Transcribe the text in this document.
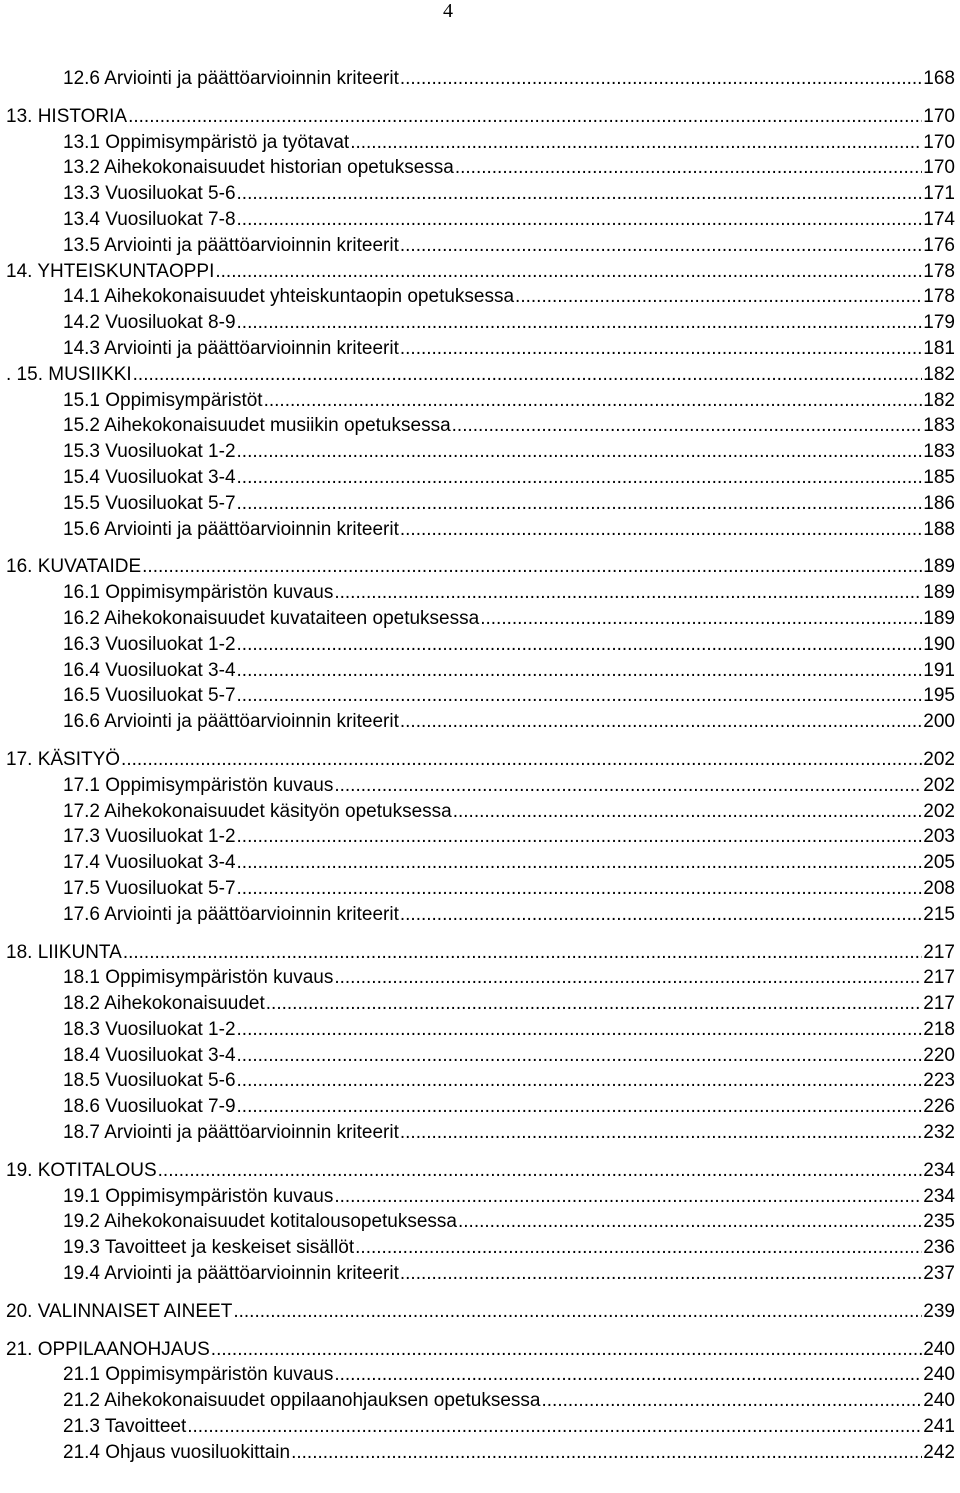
4
12.6 Arviointi ja päättöarvioinnin kriteerit .....	168
13. HISTORIA .....	170
13.1 Oppimisympäristö ja työtavat .....	170
13.2 Aihekokonaisuudet historian opetuksessa .....	170
13.3 Vuosiluokat 5-6 .....	171
13.4 Vuosiluokat 7-8 .....	174
13.5 Arviointi ja päättöarvioinnin kriteerit .....	176
14. YHTEISKUNTAOPPI .....	178
14.1 Aihekokonaisuudet yhteiskuntaopin opetuksessa .....	178
14.2 Vuosiluokat 8-9 .....	179
14.3 Arviointi ja päättöarvioinnin kriteerit .....	181
. 15. MUSIIKKI .....	182
15.1 Oppimisympäristöt .....	182
15.2 Aihekokonaisuudet musiikin opetuksessa .....	183
15.3 Vuosiluokat 1-2 .....	183
15.4 Vuosiluokat 3-4 .....	185
15.5 Vuosiluokat 5-7 .....	186
15.6 Arviointi ja päättöarvioinnin kriteerit .....	188
16. KUVATAIDE .....	189
16.1 Oppimisympäristön kuvaus .....	189
16.2 Aihekokonaisuudet kuvataiteen opetuksessa .....	189
16.3 Vuosiluokat 1-2 .....	190
16.4 Vuosiluokat 3-4 .....	191
16.5 Vuosiluokat 5-7 .....	195
16.6 Arviointi ja päättöarvioinnin kriteerit .....	200
17. KÄSITYÖ .....	202
17.1 Oppimisympäristön kuvaus .....	202
17.2 Aihekokonaisuudet käsityön opetuksessa .....	202
17.3 Vuosiluokat 1-2 .....	203
17.4 Vuosiluokat 3-4 .....	205
17.5 Vuosiluokat 5-7 .....	208
17.6 Arviointi ja päättöarvioinnin kriteerit .....	215
18. LIIKUNTA .....	217
18.1 Oppimisympäristön kuvaus .....	217
18.2 Aihekokonaisuudet .....	217
18.3 Vuosiluokat 1-2 .....	218
18.4 Vuosiluokat 3-4 .....	220
18.5 Vuosiluokat 5-6 .....	223
18.6 Vuosiluokat 7-9 .....	226
18.7 Arviointi ja päättöarvioinnin kriteerit .....	232
19. KOTITALOUS .....	234
19.1 Oppimisympäristön kuvaus .....	234
19.2 Aihekokonaisuudet kotitalousopetuksessa .....	235
19.3 Tavoitteet ja keskeiset sisällöt .....	236
19.4 Arviointi ja päättöarvioinnin kriteerit .....	237
20. VALINNAISET AINEET .....	239
21. OPPILAANOHJAUS .....	240
21.1 Oppimisympäristön kuvaus .....	240
21.2 Aihekokonaisuudet oppilaanohjauksen opetuksessa .....	240
21.3 Tavoitteet .....	241
21.4 Ohjaus vuosiluokittain .....	242
